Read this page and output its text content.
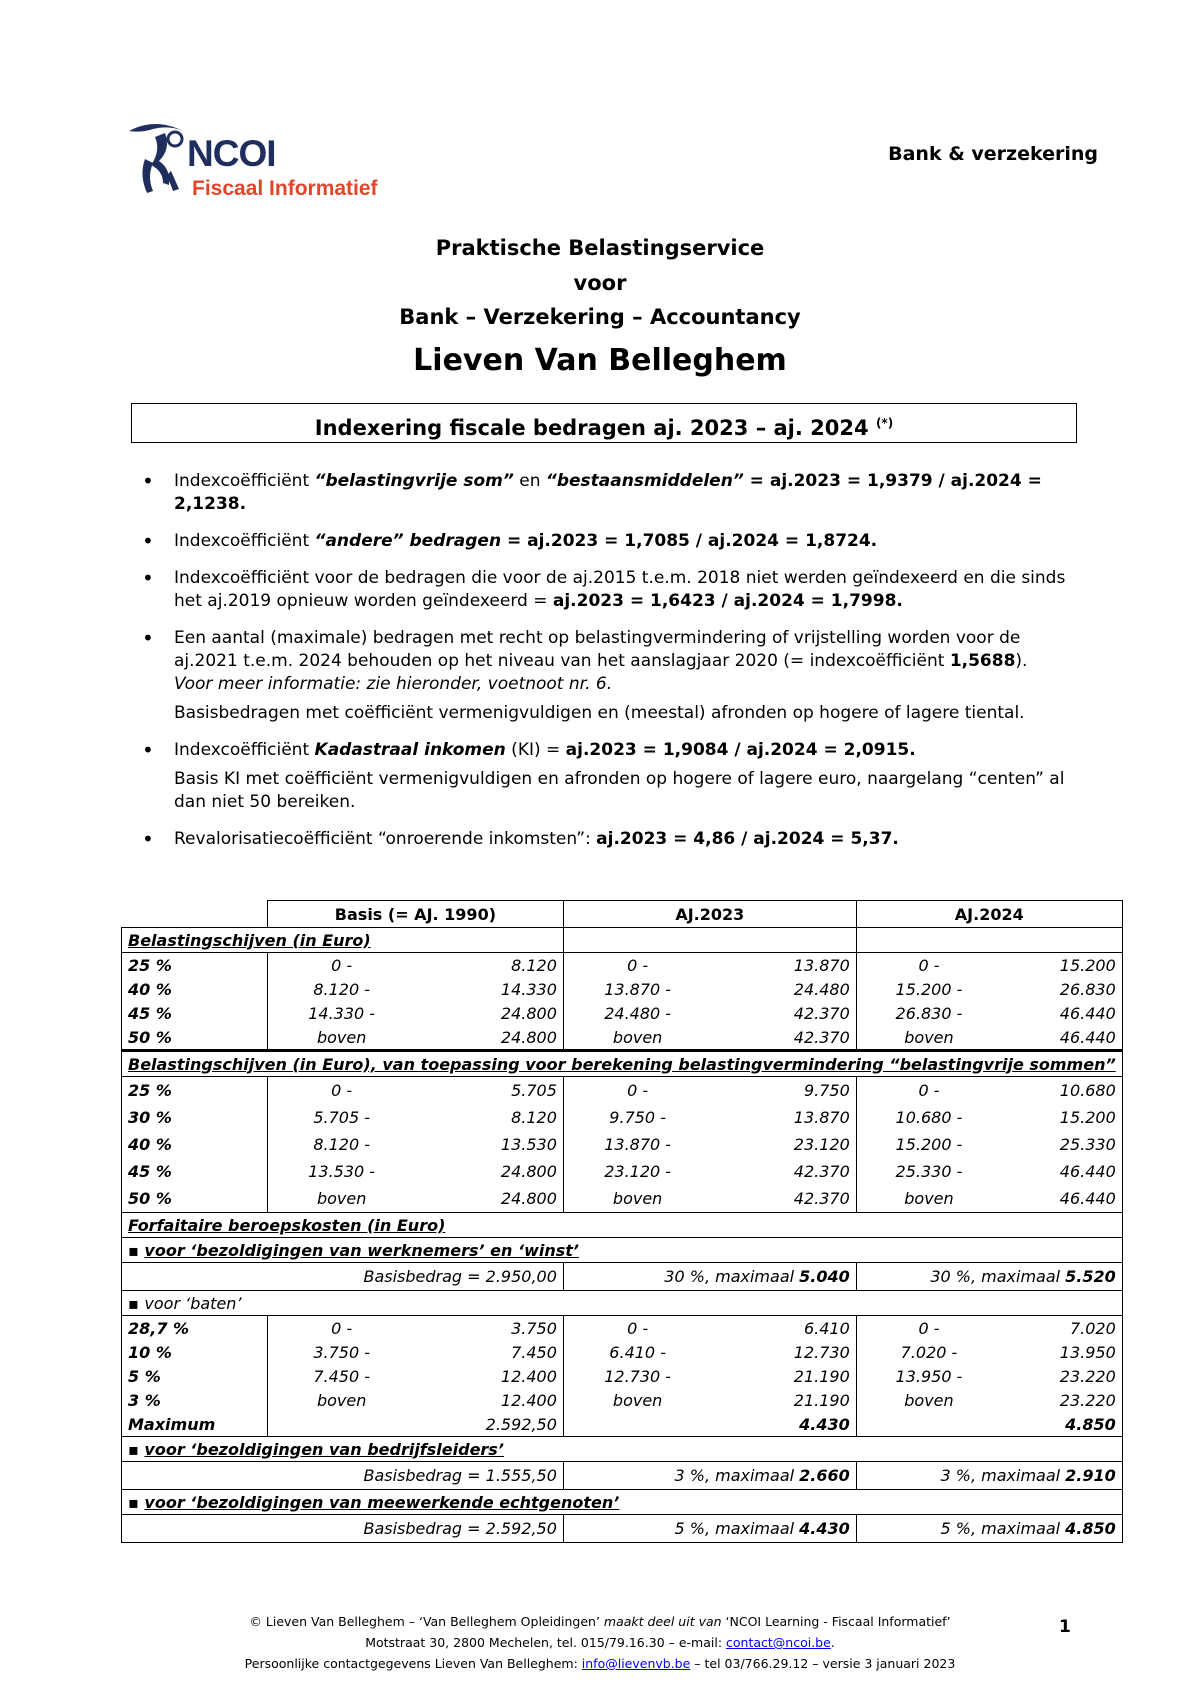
NCOI
Fiscaal Informatief
Bank & verzekering
Praktische Belastingservice
voor
Bank – Verzekering – Accountancy
Lieven Van Belleghem
Indexering fiscale bedragen aj. 2023 – aj. 2024 (*)
• Indexcoëfficiënt “belastingvrije som” en “bestaansmiddelen” = aj.2023 = 1,9379 / aj.2024 = 2,1238.
• Indexcoëfficiënt “andere” bedragen = aj.2023 = 1,7085 / aj.2024 = 1,8724.
• Indexcoëfficiënt voor de bedragen die voor de aj.2015 t.e.m. 2018 niet werden geïndexeerd en die sinds het aj.2019 opnieuw worden geïndexeerd = aj.2023 = 1,6423 / aj.2024 = 1,7998.
• Een aantal (maximale) bedragen met recht op belastingvermindering of vrijstelling worden voor de aj.2021 t.e.m. 2024 behouden op het niveau van het aanslagjaar 2020 (= indexcoëfficiënt 1,5688).
Voor meer informatie: zie hieronder, voetnoot nr. 6.
Basisbedragen met coëfficiënt vermenigvuldigen en (meestal) afronden op hogere of lagere tiental.
• Indexcoëfficiënt Kadastraal inkomen (KI) = aj.2023 = 1,9084 / aj.2024 = 2,0915.
Basis KI met coëfficiënt vermenigvuldigen en afronden op hogere of lagere euro, naargelang “centen” al dan niet 50 bereiken.
• Revalorisatiecoëfficiënt “onroerende inkomsten”: aj.2023 = 4,86 / aj.2024 = 5,37.
	Basis (= AJ. 1990)		AJ.2023		AJ.2024	
Belastingschijven (in Euro)						
25 %	0 -	8.120	0 -	13.870	0 -	15.200
40 %	8.120 -	14.330	13.870 -	24.480	15.200 -	26.830
45 %	14.330 -	24.800	24.480 -	42.370	26.830 -	46.440
50 %	boven	24.800	boven	42.370	boven	46.440
Belastingschijven (in Euro), van toepassing voor berekening belastingvermindering “belastingvrije sommen”						
25 %	0 -	5.705	0 -	9.750	0 -	10.680
30 %	5.705 -	8.120	9.750 -	13.870	10.680 -	15.200
40 %	8.120 -	13.530	13.870 -	23.120	15.200 -	25.330
45 %	13.530 -	24.800	23.120 -	42.370	25.330 -	46.440
50 %	boven	24.800	boven	42.370	boven	46.440
Forfaitaire beroepskosten (in Euro)						
▪ voor ‘bezoldigingen van werknemers’ en ‘winst’						
Basisbedrag = 2.950,00			30 %, maximaal 5.040		30 %, maximaal 5.520	
▪ voor ‘baten’						
28,7 %	0 -	3.750	0 -	6.410	0 -	7.020
10 %	3.750 -	7.450	6.410 -	12.730	7.020 -	13.950
5 %	7.450 -	12.400	12.730 -	21.190	13.950 -	23.220
3 %	boven	12.400	boven	21.190	boven	23.220
Maximum		2.592,50		4.430		4.850
▪ voor ‘bezoldigingen van bedrijfsleiders’						
Basisbedrag = 1.555,50			3 %, maximaal 2.660		3 %, maximaal 2.910	
▪ voor ‘bezoldigingen van meewerkende echtgenoten’						
Basisbedrag = 2.592,50			5 %, maximaal 4.430		5 %, maximaal 4.850	
© Lieven Van Belleghem – ‘Van Belleghem Opleidingen’ maakt deel uit van ‘NCOI Learning - Fiscaal Informatief’
Motstraat 30, 2800 Mechelen, tel. 015/79.16.30 – e-mail: contact@ncoi.be.
Persoonlijke contactgegevens Lieven Van Belleghem: info@lievenvb.be – tel 03/766.29.12 – versie 3 januari 2023
1
